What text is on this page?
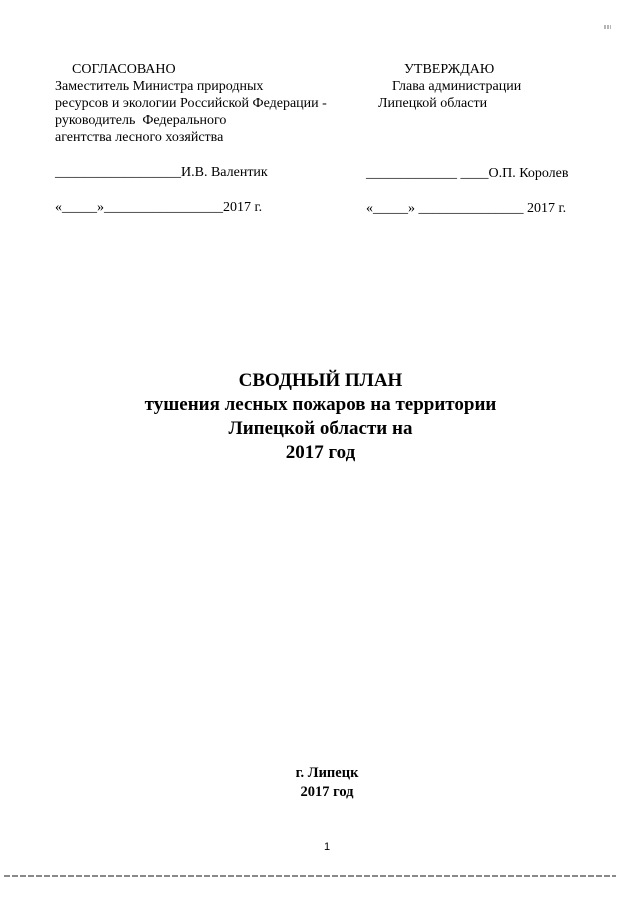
СОГЛАСОВАНО
Заместитель Министра природных
ресурсов и экологии Российской Федерации -
руководитель  Федерального
агентства лесного хозяйства
__________________И.В. Валентик
«_____»_________________2017 г.
УТВЕРЖДАЮ
Глава администрации
Липецкой области
_____________ ____О.П. Королев
«_____» _______________ 2017 г.
СВОДНЫЙ ПЛАН
тушения лесных пожаров на территории
Липецкой области на
2017 год
г. Липецк
2017 год
1
